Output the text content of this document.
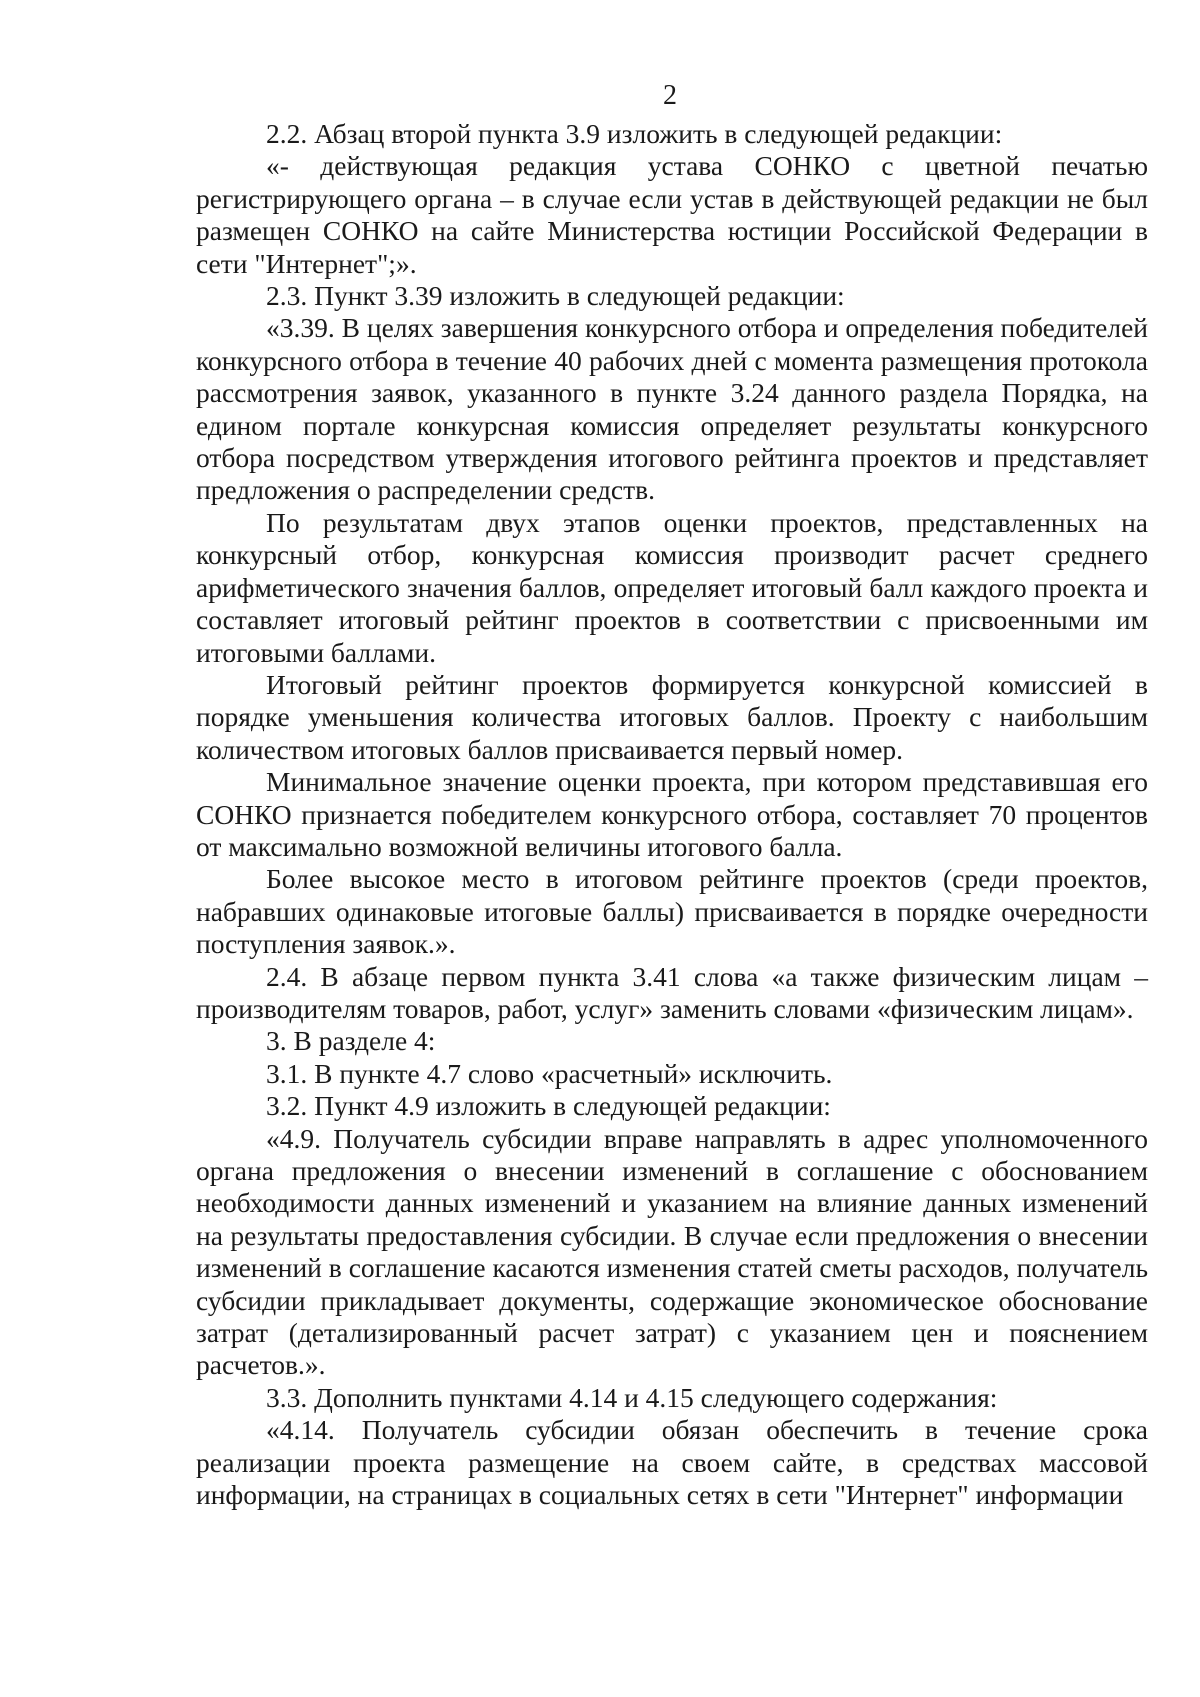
2

2.2. Абзац второй пункта 3.9 изложить в следующей редакции:

«- действующая редакция устава СОНКО с цветной печатью регистрирующего органа – в случае если устав в действующей редакции не был размещен СОНКО на сайте Министерства юстиции Российской Федерации в сети "Интернет";».

2.3. Пункт 3.39 изложить в следующей редакции:

«3.39. В целях завершения конкурсного отбора и определения победителей конкурсного отбора в течение 40 рабочих дней с момента размещения протокола рассмотрения заявок, указанного в пункте 3.24 данного раздела Порядка, на едином портале конкурсная комиссия определяет результаты конкурсного отбора посредством утверждения итогового рейтинга проектов и представляет предложения о распределении средств.

По результатам двух этапов оценки проектов, представленных на конкурсный отбор, конкурсная комиссия производит расчет среднего арифметического значения баллов, определяет итоговый балл каждого проекта и составляет итоговый рейтинг проектов в соответствии с присвоенными им итоговыми баллами.

Итоговый рейтинг проектов формируется конкурсной комиссией в порядке уменьшения количества итоговых баллов. Проекту с наибольшим количеством итоговых баллов присваивается первый номер.

Минимальное значение оценки проекта, при котором представившая его СОНКО признается победителем конкурсного отбора, составляет 70 процентов от максимально возможной величины итогового балла.

Более высокое место в итоговом рейтинге проектов (среди проектов, набравших одинаковые итоговые баллы) присваивается в порядке очередности поступления заявок.».

2.4. В абзаце первом пункта 3.41 слова «а также физическим лицам – производителям товаров, работ, услуг» заменить словами «физическим лицам».

3. В разделе 4:

3.1. В пункте 4.7 слово «расчетный» исключить.

3.2. Пункт 4.9 изложить в следующей редакции:

«4.9. Получатель субсидии вправе направлять в адрес уполномоченного органа предложения о внесении изменений в соглашение с обоснованием необходимости данных изменений и указанием на влияние данных изменений на результаты предоставления субсидии. В случае если предложения о внесении изменений в соглашение касаются изменения статей сметы расходов, получатель субсидии прикладывает документы, содержащие экономическое обоснование затрат (детализированный расчет затрат) с указанием цен и пояснением расчетов.».

3.3. Дополнить пунктами 4.14 и 4.15 следующего содержания:

«4.14. Получатель субсидии обязан обеспечить в течение срока реализации проекта размещение на своем сайте, в средствах массовой информации, на страницах в социальных сетях в сети "Интернет" информации
